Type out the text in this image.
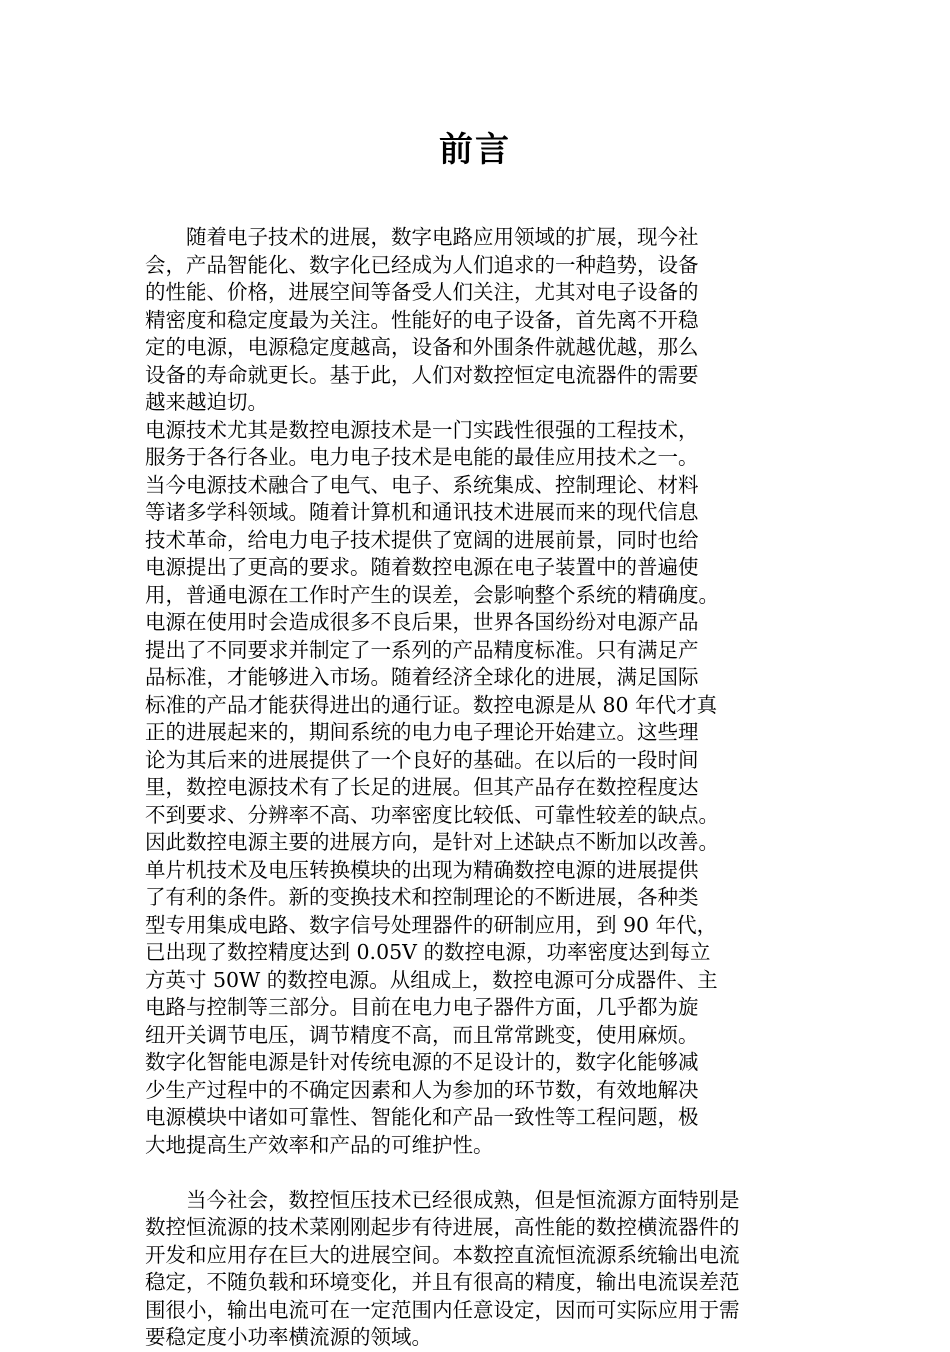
前言
　　随着电子技术的进展，数字电路应用领域的扩展，现今社
会，产品智能化、数字化已经成为人们追求的一种趋势，设备
的性能、价格，进展空间等备受人们关注，尤其对电子设备的
精密度和稳定度最为关注。性能好的电子设备，首先离不开稳
定的电源，电源稳定度越高，设备和外围条件就越优越，那么
设备的寿命就更长。基于此，人们对数控恒定电流器件的需要
越来越迫切。
电源技术尤其是数控电源技术是一门实践性很强的工程技术，
服务于各行各业。电力电子技术是电能的最佳应用技术之一。
当今电源技术融合了电气、电子、系统集成、控制理论、材料
等诸多学科领域。随着计算机和通讯技术进展而来的现代信息
技术革命，给电力电子技术提供了宽阔的进展前景，同时也给
电源提出了更高的要求。随着数控电源在电子装置中的普遍使
用，普通电源在工作时产生的误差，会影响整个系统的精确度。
电源在使用时会造成很多不良后果，世界各国纷纷对电源产品
提出了不同要求并制定了一系列的产品精度标准。只有满足产
品标准，才能够进入市场。随着经济全球化的进展，满足国际
标准的产品才能获得进出的通行证。数控电源是从 80 年代才真
正的进展起来的，期间系统的电力电子理论开始建立。这些理
论为其后来的进展提供了一个良好的基础。在以后的一段时间
里，数控电源技术有了长足的进展。但其产品存在数控程度达
不到要求、分辨率不高、功率密度比较低、可靠性较差的缺点。
因此数控电源主要的进展方向，是针对上述缺点不断加以改善。
单片机技术及电压转换模块的出现为精确数控电源的进展提供
了有利的条件。新的变换技术和控制理论的不断进展，各种类
型专用集成电路、数字信号处理器件的研制应用，到 90 年代，
已出现了数控精度达到 0.05V 的数控电源，功率密度达到每立
方英寸 50W 的数控电源。从组成上，数控电源可分成器件、主
电路与控制等三部分。目前在电力电子器件方面，几乎都为旋
纽开关调节电压，调节精度不高，而且常常跳变，使用麻烦。
数字化智能电源是针对传统电源的不足设计的，数字化能够减
少生产过程中的不确定因素和人为参加的环节数，有效地解决
电源模块中诸如可靠性、智能化和产品一致性等工程问题，极
大地提高生产效率和产品的可维护性。
　　当今社会，数控恒压技术已经很成熟，但是恒流源方面特别是
数控恒流源的技术菜刚刚起步有待进展，高性能的数控横流器件的
开发和应用存在巨大的进展空间。本数控直流恒流源系统输出电流
稳定，不随负载和环境变化，并且有很高的精度，输出电流误差范
围很小，输出电流可在一定范围内任意设定，因而可实际应用于需
要稳定度小功率横流源的领域。
